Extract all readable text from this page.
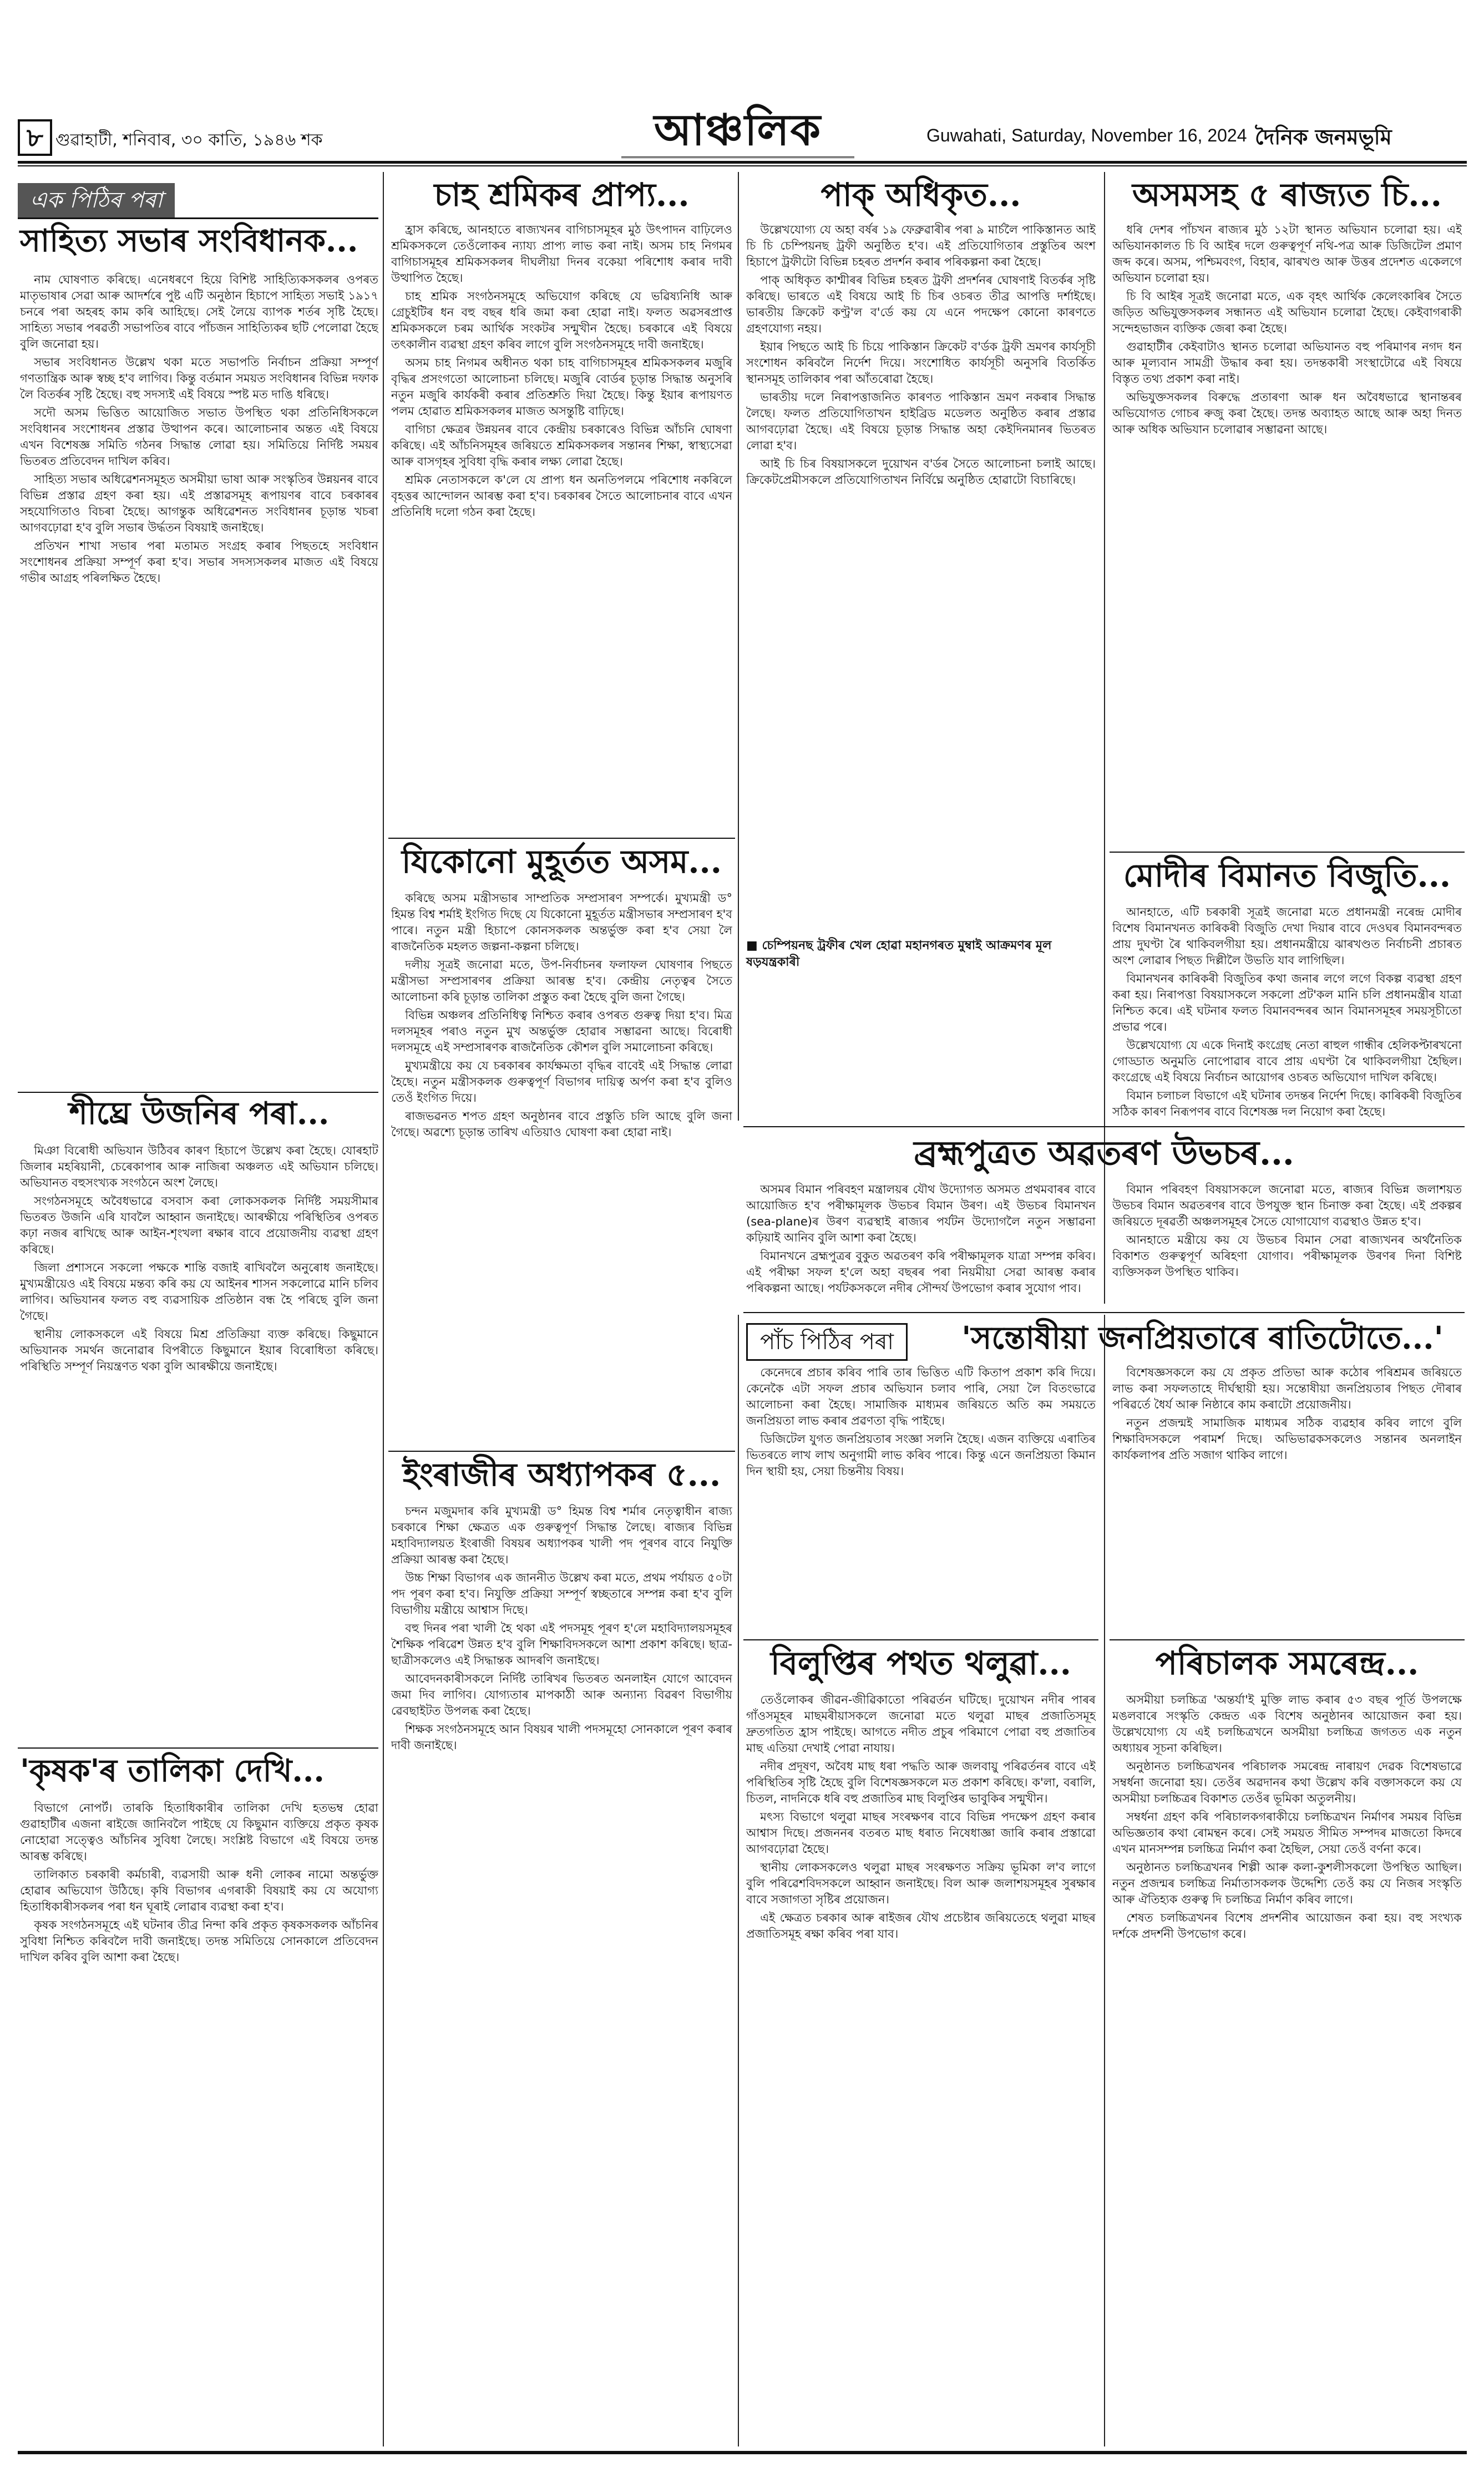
৮ গুৱাহাটী, শনিবাৰ, ৩০ কাতি, ১৯৪৬ শক	আঞ্চলিক	Guwahati, Saturday, November 16, 2024 দৈনিক জনমভূমি
এক পিঠিৰ পৰা
সাহিত্য সভাৰ সংবিধানক...

নাম ঘোষণাত কৰিছে। এনেধৰণে হিয়ে বিশিষ্ট সাহিত্যিকসকলৰ ওপৰত মাতৃভাষাৰ সেৱা আৰু আদৰ্শৰে পুষ্ট এটি অনুষ্ঠান হিচাপে সাহিত্য সভাই ১৯১৭ চনৰে পৰা অহৰহ কাম কৰি আহিছে। সেই লৈয়ে ব্যাপক শৰ্তৰ সৃষ্টি হৈছে। সাহিত্য সভাৰ পৰৱৰ্তী সভাপতিৰ বাবে পাঁচজন সাহিত্যিকৰ ছটি পেলোৱা হৈছে বুলি জনোৱা হয়।

সভাৰ সংবিধানত উল্লেখ থকা মতে সভাপতি নিৰ্বাচন প্ৰক্ৰিয়া সম্পূৰ্ণ গণতান্ত্ৰিক আৰু স্বচ্ছ হ'ব লাগিব। কিন্তু বৰ্তমান সময়ত সংবিধানৰ বিভিন্ন দফাক লৈ বিতৰ্কৰ সৃষ্টি হৈছে। বহু সদস্যই এই বিষয়ে স্পষ্ট মত দাঙি ধৰিছে।

সদৌ অসম ভিত্তিত আয়োজিত সভাত উপস্থিত থকা প্ৰতিনিধিসকলে সংবিধানৰ সংশোধনৰ প্ৰস্তাৱ উত্থাপন কৰে। আলোচনাৰ অন্তত এই বিষয়ে এখন বিশেষজ্ঞ সমিতি গঠনৰ সিদ্ধান্ত লোৱা হয়। সমিতিয়ে নিৰ্দিষ্ট সময়ৰ ভিতৰত প্ৰতিবেদন দাখিল কৰিব।

সাহিত্য সভাৰ অধিৱেশনসমূহত অসমীয়া ভাষা আৰু সংস্কৃতিৰ উন্নয়নৰ বাবে বিভিন্ন প্ৰস্তাৱ গ্ৰহণ কৰা হয়। এই প্ৰস্তাৱসমূহ ৰূপায়ণৰ বাবে চৰকাৰৰ সহযোগিতাও বিচৰা হৈছে। আগন্তুক অধিৱেশনত সংবিধানৰ চূড়ান্ত খচৰা আগবঢ়োৱা হ'ব বুলি সভাৰ উৰ্দ্ধতন বিষয়াই জনাইছে।

প্ৰতিখন শাখা সভাৰ পৰা মতামত সংগ্ৰহ কৰাৰ পিছতহে সংবিধান সংশোধনৰ প্ৰক্ৰিয়া সম্পূৰ্ণ কৰা হ'ব। সভাৰ সদস্যসকলৰ মাজত এই বিষয়ে গভীৰ আগ্ৰহ পৰিলক্ষিত হৈছে।

শীঘ্ৰে উজনিৰ পৰা...

মিঞা বিৰোধী অভিযান উঠিবৰ কাৰণ হিচাপে উল্লেখ কৰা হৈছে। যোৰহাট জিলাৰ মহৰিয়ানী, চেৰেকাপাৰ আৰু নাজিৰা অঞ্চলত এই অভিযান চলিছে। অভিযানত বহুসংখ্যক সংগঠনে অংশ লৈছে।

সংগঠনসমূহে অবৈধভাৱে বসবাস কৰা লোকসকলক নিৰ্দিষ্ট সময়সীমাৰ ভিতৰত উজনি এৰি যাবলৈ আহ্বান জনাইছে। আৰক্ষীয়ে পৰিস্থিতিৰ ওপৰত কঢ়া নজৰ ৰাখিছে আৰু আইন-শৃংখলা ৰক্ষাৰ বাবে প্ৰয়োজনীয় ব্যৱস্থা গ্ৰহণ কৰিছে।

জিলা প্ৰশাসনে সকলো পক্ষকে শান্তি বজাই ৰাখিবলৈ অনুৰোধ জনাইছে। মুখ্যমন্ত্ৰীয়েও এই বিষয়ে মন্তব্য কৰি কয় যে আইনৰ শাসন সকলোৱে মানি চলিব লাগিব। অভিযানৰ ফলত বহু ব্যৱসায়িক প্ৰতিষ্ঠান বন্ধ হৈ পৰিছে বুলি জনা গৈছে।

স্থানীয় লোকসকলে এই বিষয়ে মিশ্ৰ প্ৰতিক্ৰিয়া ব্যক্ত কৰিছে। কিছুমানে অভিযানক সমৰ্থন জনোৱাৰ বিপৰীতে কিছুমানে ইয়াৰ বিৰোধিতা কৰিছে। পৰিস্থিতি সম্পূৰ্ণ নিয়ন্ত্ৰণত থকা বুলি আৰক্ষীয়ে জনাইছে।

'কৃষক'ৰ তালিকা দেখি...

বিভাগে নোপৰ্ট। তাৰকি হিতাধিকাৰীৰ তালিকা দেখি হতভম্ব হোৱা গুৱাহাটীৰ এজনা ৰাইজে জানিবলৈ পাইছে যে কিছুমান ব্যক্তিয়ে প্ৰকৃত কৃষক নোহোৱা সত্ত্বেও আঁচনিৰ সুবিধা লৈছে। সংশ্লিষ্ট বিভাগে এই বিষয়ে তদন্ত আৰম্ভ কৰিছে।

তালিকাত চৰকাৰী কৰ্মচাৰী, ব্যৱসায়ী আৰু ধনী লোকৰ নামো অন্তৰ্ভুক্ত হোৱাৰ অভিযোগ উঠিছে। কৃষি বিভাগৰ এগৰাকী বিষয়াই কয় যে অযোগ্য হিতাধিকাৰীসকলৰ পৰা ধন ঘূৰাই লোৱাৰ ব্যৱস্থা কৰা হ'ব।

কৃষক সংগঠনসমূহে এই ঘটনাৰ তীব্ৰ নিন্দা কৰি প্ৰকৃত কৃষকসকলক আঁচনিৰ সুবিধা নিশ্চিত কৰিবলৈ দাবী জনাইছে। তদন্ত সমিতিয়ে সোনকালে প্ৰতিবেদন দাখিল কৰিব বুলি আশা কৰা হৈছে।

চাহ শ্ৰমিকৰ প্ৰাপ্য...

হ্ৰাস কৰিছে, আনহাতে ৰাজ্যখনৰ বাগিচাসমূহৰ মুঠ উৎপাদন বাঢ়িলেও শ্ৰমিকসকলে তেওঁলোকৰ ন্যায্য প্ৰাপ্য লাভ কৰা নাই। অসম চাহ নিগমৰ বাগিচাসমূহৰ শ্ৰমিকসকলৰ দীঘলীয়া দিনৰ বকেয়া পৰিশোধ কৰাৰ দাবী উত্থাপিত হৈছে।

চাহ শ্ৰমিক সংগঠনসমূহে অভিযোগ কৰিছে যে ভৱিষ্যনিধি আৰু গ্ৰেচুইটিৰ ধন বহু বছৰ ধৰি জমা কৰা হোৱা নাই। ফলত অৱসৰপ্ৰাপ্ত শ্ৰমিকসকলে চৰম আৰ্থিক সংকটৰ সন্মুখীন হৈছে। চৰকাৰে এই বিষয়ে তৎকালীন ব্যৱস্থা গ্ৰহণ কৰিব লাগে বুলি সংগঠনসমূহে দাবী জনাইছে।

অসম চাহ নিগমৰ অধীনত থকা চাহ বাগিচাসমূহৰ শ্ৰমিকসকলৰ মজুৰি বৃদ্ধিৰ প্ৰসংগতো আলোচনা চলিছে। মজুৰি বোৰ্ডৰ চূড়ান্ত সিদ্ধান্ত অনুসৰি নতুন মজুৰি কাৰ্যকৰী কৰাৰ প্ৰতিশ্ৰুতি দিয়া হৈছে। কিন্তু ইয়াৰ ৰূপায়ণত পলম হোৱাত শ্ৰমিকসকলৰ মাজত অসন্তুষ্টি বাঢ়িছে।

বাগিচা ক্ষেত্ৰৰ উন্নয়নৰ বাবে কেন্দ্ৰীয় চৰকাৰেও বিভিন্ন আঁচনি ঘোষণা কৰিছে। এই আঁচনিসমূহৰ জৰিয়তে শ্ৰমিকসকলৰ সন্তানৰ শিক্ষা, স্বাস্থ্যসেৱা আৰু বাসগৃহৰ সুবিধা বৃদ্ধি কৰাৰ লক্ষ্য লোৱা হৈছে।

শ্ৰমিক নেতাসকলে ক'লে যে প্ৰাপ্য ধন অনতিপলমে পৰিশোধ নকৰিলে বৃহত্তৰ আন্দোলন আৰম্ভ কৰা হ'ব। চৰকাৰৰ সৈতে আলোচনাৰ বাবে এখন প্ৰতিনিধি দলো গঠন কৰা হৈছে।

যিকোনো মুহূৰ্তত অসম...

কৰিছে অসম মন্ত্ৰীসভাৰ সাম্প্ৰতিক সম্প্ৰসাৰণ সম্পৰ্কে। মুখ্যমন্ত্ৰী ড° হিমন্ত বিশ্ব শৰ্মাই ইংগিত দিছে যে যিকোনো মুহূৰ্তত মন্ত্ৰীসভাৰ সম্প্ৰসাৰণ হ'ব পাৰে। নতুন মন্ত্ৰী হিচাপে কোনসকলক অন্তৰ্ভুক্ত কৰা হ'ব সেয়া লৈ ৰাজনৈতিক মহলত জল্পনা-কল্পনা চলিছে।

দলীয় সূত্ৰই জনোৱা মতে, উপ-নিৰ্বাচনৰ ফলাফল ঘোষণাৰ পিছতে মন্ত্ৰীসভা সম্প্ৰসাৰণৰ প্ৰক্ৰিয়া আৰম্ভ হ'ব। কেন্দ্ৰীয় নেতৃত্বৰ সৈতে আলোচনা কৰি চূড়ান্ত তালিকা প্ৰস্তুত কৰা হৈছে বুলি জনা গৈছে।

বিভিন্ন অঞ্চলৰ প্ৰতিনিধিত্ব নিশ্চিত কৰাৰ ওপৰত গুৰুত্ব দিয়া হ'ব। মিত্ৰ দলসমূহৰ পৰাও নতুন মুখ অন্তৰ্ভুক্ত হোৱাৰ সম্ভাৱনা আছে। বিৰোধী দলসমূহে এই সম্প্ৰসাৰণক ৰাজনৈতিক কৌশল বুলি সমালোচনা কৰিছে।

মুখ্যমন্ত্ৰীয়ে কয় যে চৰকাৰৰ কাৰ্যক্ষমতা বৃদ্ধিৰ বাবেই এই সিদ্ধান্ত লোৱা হৈছে। নতুন মন্ত্ৰীসকলক গুৰুত্বপূৰ্ণ বিভাগৰ দায়িত্ব অৰ্পণ কৰা হ'ব বুলিও তেওঁ ইংগিত দিয়ে।

ৰাজভৱনত শপত গ্ৰহণ অনুষ্ঠানৰ বাবে প্ৰস্তুতি চলি আছে বুলি জনা গৈছে। অৱশ্যে চূড়ান্ত তাৰিখ এতিয়াও ঘোষণা কৰা হোৱা নাই।

পাক্ অধিকৃত...

উল্লেখযোগ্য যে অহা বৰ্ষৰ ১৯ ফেব্ৰুৱাৰীৰ পৰা ৯ মাৰ্চলৈ পাকিস্তানত আই চি চি চেম্পিয়নছ ট্ৰফী অনুষ্ঠিত হ'ব। এই প্ৰতিযোগিতাৰ প্ৰস্তুতিৰ অংশ হিচাপে ট্ৰফীটো বিভিন্ন চহৰত প্ৰদৰ্শন কৰাৰ পৰিকল্পনা কৰা হৈছে।

পাক্ অধিকৃত কাশ্মীৰৰ বিভিন্ন চহৰত ট্ৰফী প্ৰদৰ্শনৰ ঘোষণাই বিতৰ্কৰ সৃষ্টি কৰিছে। ভাৰতে এই বিষয়ে আই চি চিৰ ওচৰত তীব্ৰ আপত্তি দৰ্শাইছে। ভাৰতীয় ক্ৰিকেট কণ্ট্ৰ'ল ব'ৰ্ডে কয় যে এনে পদক্ষেপ কোনো কাৰণতে গ্ৰহণযোগ্য নহয়।

ইয়াৰ পিছতে আই চি চিয়ে পাকিস্তান ক্ৰিকেট ব'ৰ্ডক ট্ৰফী ভ্ৰমণৰ কাৰ্যসূচী সংশোধন কৰিবলৈ নিৰ্দেশ দিয়ে। সংশোধিত কাৰ্যসূচী অনুসৰি বিতৰ্কিত স্থানসমূহ তালিকাৰ পৰা আঁতৰোৱা হৈছে।

ভাৰতীয় দলে নিৰাপত্তাজনিত কাৰণত পাকিস্তান ভ্ৰমণ নকৰাৰ সিদ্ধান্ত লৈছে। ফলত প্ৰতিযোগিতাখন হাইব্ৰিড মডেলত অনুষ্ঠিত কৰাৰ প্ৰস্তাৱ আগবঢ়োৱা হৈছে। এই বিষয়ে চূড়ান্ত সিদ্ধান্ত অহা কেইদিনমানৰ ভিতৰত লোৱা হ'ব।

আই চি চিৰ বিষয়াসকলে দুয়োখন ব'ৰ্ডৰ সৈতে আলোচনা চলাই আছে। ক্ৰিকেটপ্ৰেমীসকলে প্ৰতিযোগিতাখন নিৰ্বিঘ্নে অনুষ্ঠিত হোৱাটো বিচাৰিছে।

■ চেম্পিয়নছ ট্ৰফীৰ খেল হোৱা মহানগৰত মুম্বাই আক্ৰমণৰ মূল ষড়যন্ত্ৰকাৰী
অসমসহ ৫ ৰাজ্যত চি...

ধৰি দেশৰ পাঁচখন ৰাজ্যৰ মুঠ ১২টা স্থানত অভিযান চলোৱা হয়। এই অভিযানকালত চি বি আইৰ দলে গুৰুত্বপূৰ্ণ নথি-পত্ৰ আৰু ডিজিটেল প্ৰমাণ জব্দ কৰে। অসম, পশ্চিমবংগ, বিহাৰ, ঝাৰখণ্ড আৰু উত্তৰ প্ৰদেশত একেলগে অভিযান চলোৱা হয়।

চি বি আইৰ সূত্ৰই জনোৱা মতে, এক বৃহৎ আৰ্থিক কেলেংকাৰিৰ সৈতে জড়িত অভিযুক্তসকলৰ সন্ধানত এই অভিযান চলোৱা হৈছে। কেইবাগৰাকী সন্দেহভাজন ব্যক্তিক জেৰা কৰা হৈছে।

গুৱাহাটীৰ কেইবাটাও স্থানত চলোৱা অভিযানত বহু পৰিমাণৰ নগদ ধন আৰু মূল্যবান সামগ্ৰী উদ্ধাৰ কৰা হয়। তদন্তকাৰী সংস্থাটোৱে এই বিষয়ে বিস্তৃত তথ্য প্ৰকাশ কৰা নাই।

অভিযুক্তসকলৰ বিৰুদ্ধে প্ৰতাৰণা আৰু ধন অবৈধভাৱে স্থানান্তৰৰ অভিযোগত গোচৰ ৰুজু কৰা হৈছে। তদন্ত অব্যাহত আছে আৰু অহা দিনত আৰু অধিক অভিযান চলোৱাৰ সম্ভাৱনা আছে।

মোদীৰ বিমানত বিজুতি...

আনহাতে, এটি চৰকাৰী সূত্ৰই জনোৱা মতে প্ৰধানমন্ত্ৰী নৰেন্দ্ৰ মোদীৰ বিশেষ বিমানখনত কাৰিকৰী বিজুতি দেখা দিয়াৰ বাবে দেওঘৰ বিমানবন্দৰত প্ৰায় দুঘণ্টা ৰৈ থাকিবলগীয়া হয়। প্ৰধানমন্ত্ৰীয়ে ঝাৰখণ্ডত নিৰ্বাচনী প্ৰচাৰত অংশ লোৱাৰ পিছত দিল্লীলৈ উভতি যাব লাগিছিল।

বিমানখনৰ কাৰিকৰী বিজুতিৰ কথা জনাৰ লগে লগে বিকল্প ব্যৱস্থা গ্ৰহণ কৰা হয়। নিৰাপত্তা বিষয়াসকলে সকলো প্ৰট'কল মানি চলি প্ৰধানমন্ত্ৰীৰ যাত্ৰা নিশ্চিত কৰে। এই ঘটনাৰ ফলত বিমানবন্দৰৰ আন বিমানসমূহৰ সময়সূচীতো প্ৰভাৱ পৰে।

উল্লেখযোগ্য যে একে দিনাই কংগ্ৰেছ নেতা ৰাহুল গান্ধীৰ হেলিকপ্টাৰখনো গোড্ডাত অনুমতি নোপোৱাৰ বাবে প্ৰায় এঘণ্টা ৰৈ থাকিবলগীয়া হৈছিল। কংগ্ৰেছে এই বিষয়ে নিৰ্বাচন আয়োগৰ ওচৰত অভিযোগ দাখিল কৰিছে।

বিমান চলাচল বিভাগে এই ঘটনাৰ তদন্তৰ নিৰ্দেশ দিছে। কাৰিকৰী বিজুতিৰ সঠিক কাৰণ নিৰূপণৰ বাবে বিশেষজ্ঞ দল নিয়োগ কৰা হৈছে।

ব্ৰহ্মপুত্ৰত অৱতৰণ উভচৰ...

অসমৰ বিমান পৰিবহণ মন্ত্ৰালয়ৰ যৌথ উদ্যোগত অসমত প্ৰথমবাৰৰ বাবে আয়োজিত হ'ব পৰীক্ষামূলক উভচৰ বিমান উৰণ। এই উভচৰ বিমানখন (sea-plane)ৰ উৰণ ব্যৱস্থাই ৰাজ্যৰ পৰ্যটন উদ্যোগলৈ নতুন সম্ভাৱনা কঢ়িয়াই আনিব বুলি আশা কৰা হৈছে।

বিমানখনে ব্ৰহ্মপুত্ৰৰ বুকুত অৱতৰণ কৰি পৰীক্ষামূলক যাত্ৰা সম্পন্ন কৰিব। এই পৰীক্ষা সফল হ'লে অহা বছৰৰ পৰা নিয়মীয়া সেৱা আৰম্ভ কৰাৰ পৰিকল্পনা আছে। পৰ্যটকসকলে নদীৰ সৌন্দৰ্য উপভোগ কৰাৰ সুযোগ পাব।

বিমান পৰিবহণ বিষয়াসকলে জনোৱা মতে, ৰাজ্যৰ বিভিন্ন জলাশয়ত উভচৰ বিমান অৱতৰণৰ বাবে উপযুক্ত স্থান চিনাক্ত কৰা হৈছে। এই প্ৰকল্পৰ জৰিয়তে দূৰৱৰ্তী অঞ্চলসমূহৰ সৈতে যোগাযোগ ব্যৱস্থাও উন্নত হ'ব।

আনহাতে মন্ত্ৰীয়ে কয় যে উভচৰ বিমান সেৱা ৰাজ্যখনৰ অৰ্থনৈতিক বিকাশত গুৰুত্বপূৰ্ণ অৰিহণা যোগাব। পৰীক্ষামূলক উৰণৰ দিনা বিশিষ্ট ব্যক্তিসকল উপস্থিত থাকিব।

ইংৰাজীৰ অধ্যাপকৰ ৫...

চন্দন মজুমদাৰ কৰি মুখ্যমন্ত্ৰী ড° হিমন্ত বিশ্ব শৰ্মাৰ নেতৃত্বাধীন ৰাজ্য চৰকাৰে শিক্ষা ক্ষেত্ৰত এক গুৰুত্বপূৰ্ণ সিদ্ধান্ত লৈছে। ৰাজ্যৰ বিভিন্ন মহাবিদ্যালয়ত ইংৰাজী বিষয়ৰ অধ্যাপকৰ খালী পদ পূৰণৰ বাবে নিযুক্তি প্ৰক্ৰিয়া আৰম্ভ কৰা হৈছে।

উচ্চ শিক্ষা বিভাগৰ এক জাননীত উল্লেখ কৰা মতে, প্ৰথম পৰ্যায়ত ৫০টা পদ পূৰণ কৰা হ'ব। নিযুক্তি প্ৰক্ৰিয়া সম্পূৰ্ণ স্বচ্ছতাৰে সম্পন্ন কৰা হ'ব বুলি বিভাগীয় মন্ত্ৰীয়ে আশ্বাস দিছে।

বহু দিনৰ পৰা খালী হৈ থকা এই পদসমূহ পূৰণ হ'লে মহাবিদ্যালয়সমূহৰ শৈক্ষিক পৰিৱেশ উন্নত হ'ব বুলি শিক্ষাবিদসকলে আশা প্ৰকাশ কৰিছে। ছাত্ৰ-ছাত্ৰীসকলেও এই সিদ্ধান্তক আদৰণি জনাইছে।

আবেদনকাৰীসকলে নিৰ্দিষ্ট তাৰিখৰ ভিতৰত অনলাইন যোগে আবেদন জমা দিব লাগিব। যোগ্যতাৰ মাপকাঠী আৰু অন্যান্য বিৱৰণ বিভাগীয় ৱেবছাইটত উপলব্ধ কৰা হৈছে।

শিক্ষক সংগঠনসমূহে আন বিষয়ৰ খালী পদসমূহো সোনকালে পূৰণ কৰাৰ দাবী জনাইছে।

পাঁচ পিঠিৰ পৰা	'সন্তোষীয়া জনপ্ৰিয়তাৰে ৰাতিটোতে...'

কেনেদৰে প্ৰচাৰ কৰিব পাৰি তাৰ ভিত্তিত এটি কিতাপ প্ৰকাশ কৰি দিয়ে। কেনেকৈ এটা সফল প্ৰচাৰ অভিযান চলাব পাৰি, সেয়া লৈ বিতংভাৱে আলোচনা কৰা হৈছে। সামাজিক মাধ্যমৰ জৰিয়তে অতি কম সময়তে জনপ্ৰিয়তা লাভ কৰাৰ প্ৰৱণতা বৃদ্ধি পাইছে।

ডিজিটেল যুগত জনপ্ৰিয়তাৰ সংজ্ঞা সলনি হৈছে। এজন ব্যক্তিয়ে এৰাতিৰ ভিতৰতে লাখ লাখ অনুগামী লাভ কৰিব পাৰে। কিন্তু এনে জনপ্ৰিয়তা কিমান দিন স্থায়ী হয়, সেয়া চিন্তনীয় বিষয়।

বিশেষজ্ঞসকলে কয় যে প্ৰকৃত প্ৰতিভা আৰু কঠোৰ পৰিশ্ৰমৰ জৰিয়তে লাভ কৰা সফলতাহে দীৰ্ঘস্থায়ী হয়। সন্তোষীয়া জনপ্ৰিয়তাৰ পিছত দৌৰাৰ পৰিৱৰ্তে ধৈৰ্য আৰু নিষ্ঠাৰে কাম কৰাটো প্ৰয়োজনীয়।

নতুন প্ৰজন্মই সামাজিক মাধ্যমৰ সঠিক ব্যৱহাৰ কৰিব লাগে বুলি শিক্ষাবিদসকলে পৰামৰ্শ দিছে। অভিভাৱকসকলেও সন্তানৰ অনলাইন কাৰ্যকলাপৰ প্ৰতি সজাগ থাকিব লাগে।

বিলুপ্তিৰ পথত থলুৱা...

তেওঁলোকৰ জীৱন-জীৱিকাতো পৰিৱৰ্তন ঘটিছে। দুয়োখন নদীৰ পাৰৰ গাঁওসমূহৰ মাছমৰীয়াসকলে জনোৱা মতে থলুৱা মাছৰ প্ৰজাতিসমূহ দ্ৰুতগতিত হ্ৰাস পাইছে। আগতে নদীত প্ৰচুৰ পৰিমাণে পোৱা বহু প্ৰজাতিৰ মাছ এতিয়া দেখাই পোৱা নাযায়।

নদীৰ প্ৰদূষণ, অবৈধ মাছ ধৰা পদ্ধতি আৰু জলবায়ু পৰিৱৰ্তনৰ বাবে এই পৰিস্থিতিৰ সৃষ্টি হৈছে বুলি বিশেষজ্ঞসকলে মত প্ৰকাশ কৰিছে। ক'লা, বৰালি, চিতল, নাদনিকে ধৰি বহু প্ৰজাতিৰ মাছ বিলুপ্তিৰ ভাবুকিৰ সন্মুখীন।

মৎস্য বিভাগে থলুৱা মাছৰ সংৰক্ষণৰ বাবে বিভিন্ন পদক্ষেপ গ্ৰহণ কৰাৰ আশ্বাস দিছে। প্ৰজননৰ বতৰত মাছ ধৰাত নিষেধাজ্ঞা জাৰি কৰাৰ প্ৰস্তাৱো আগবঢ়োৱা হৈছে।

স্থানীয় লোকসকলেও থলুৱা মাছৰ সংৰক্ষণত সক্ৰিয় ভূমিকা ল'ব লাগে বুলি পৰিৱেশবিদসকলে আহ্বান জনাইছে। বিল আৰু জলাশয়সমূহৰ সুৰক্ষাৰ বাবে সজাগতা সৃষ্টিৰ প্ৰয়োজন।

এই ক্ষেত্ৰত চৰকাৰ আৰু ৰাইজৰ যৌথ প্ৰচেষ্টাৰ জৰিয়তেহে থলুৱা মাছৰ প্ৰজাতিসমূহ ৰক্ষা কৰিব পৰা যাব।

পৰিচালক সমৰেন্দ্ৰ...

অসমীয়া চলচ্চিত্ৰ 'অন্তৰ্যা'ই মুক্তি লাভ কৰাৰ ৫৩ বছৰ পূৰ্তি উপলক্ষে মঙলবাৰে সংস্কৃতি কেন্দ্ৰত এক বিশেষ অনুষ্ঠানৰ আয়োজন কৰা হয়। উল্লেখযোগ্য যে এই চলচ্চিত্ৰখনে অসমীয়া চলচ্চিত্ৰ জগতত এক নতুন অধ্যায়ৰ সূচনা কৰিছিল।

অনুষ্ঠানত চলচ্চিত্ৰখনৰ পৰিচালক সমৰেন্দ্ৰ নাৰায়ণ দেৱক বিশেষভাৱে সম্বৰ্ধনা জনোৱা হয়। তেওঁৰ অৱদানৰ কথা উল্লেখ কৰি বক্তাসকলে কয় যে অসমীয়া চলচ্চিত্ৰৰ বিকাশত তেওঁৰ ভূমিকা অতুলনীয়।

সম্বৰ্ধনা গ্ৰহণ কৰি পৰিচালকগৰাকীয়ে চলচ্চিত্ৰখন নিৰ্মাণৰ সময়ৰ বিভিন্ন অভিজ্ঞতাৰ কথা ৰোমন্থন কৰে। সেই সময়ত সীমিত সম্পদৰ মাজতো কিদৰে এখন মানসম্পন্ন চলচ্চিত্ৰ নিৰ্মাণ কৰা হৈছিল, সেয়া তেওঁ বৰ্ণনা কৰে।

অনুষ্ঠানত চলচ্চিত্ৰখনৰ শিল্পী আৰু কলা-কুশলীসকলো উপস্থিত আছিল। নতুন প্ৰজন্মৰ চলচ্চিত্ৰ নিৰ্মাতাসকলক উদ্দেশ্যি তেওঁ কয় যে নিজৰ সংস্কৃতি আৰু ঐতিহ্যক গুৰুত্ব দি চলচ্চিত্ৰ নিৰ্মাণ কৰিব লাগে।

শেষত চলচ্চিত্ৰখনৰ বিশেষ প্ৰদৰ্শনীৰ আয়োজন কৰা হয়। বহু সংখ্যক দৰ্শকে প্ৰদৰ্শনী উপভোগ কৰে।
